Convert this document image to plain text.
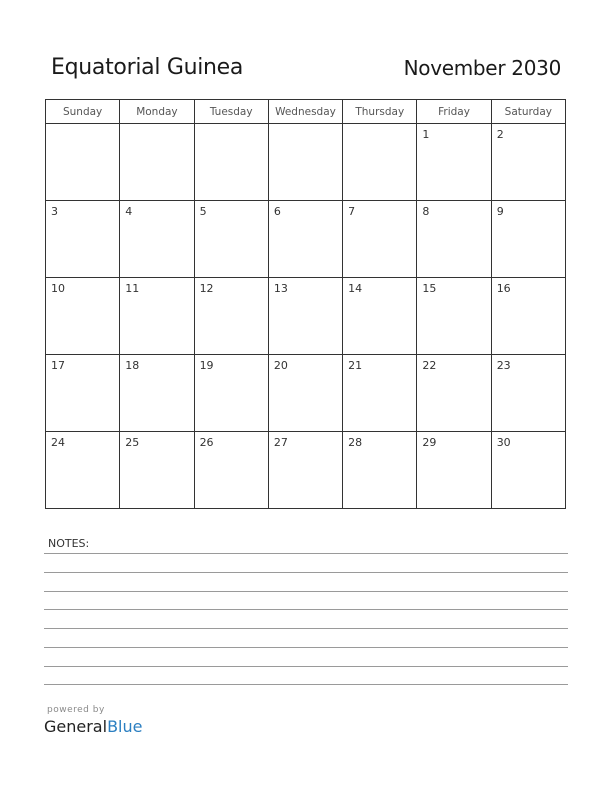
Equatorial Guinea	November 2030
Sunday	Monday	Tuesday	Wednesday	Thursday	Friday	Saturday

					1	2

3	4	5	6	7	8	9

10	11	12	13	14	15	16

17	18	19	20	21	22	23

24	25	26	27	28	29	30
NOTES:
powered by
GeneralBlue
